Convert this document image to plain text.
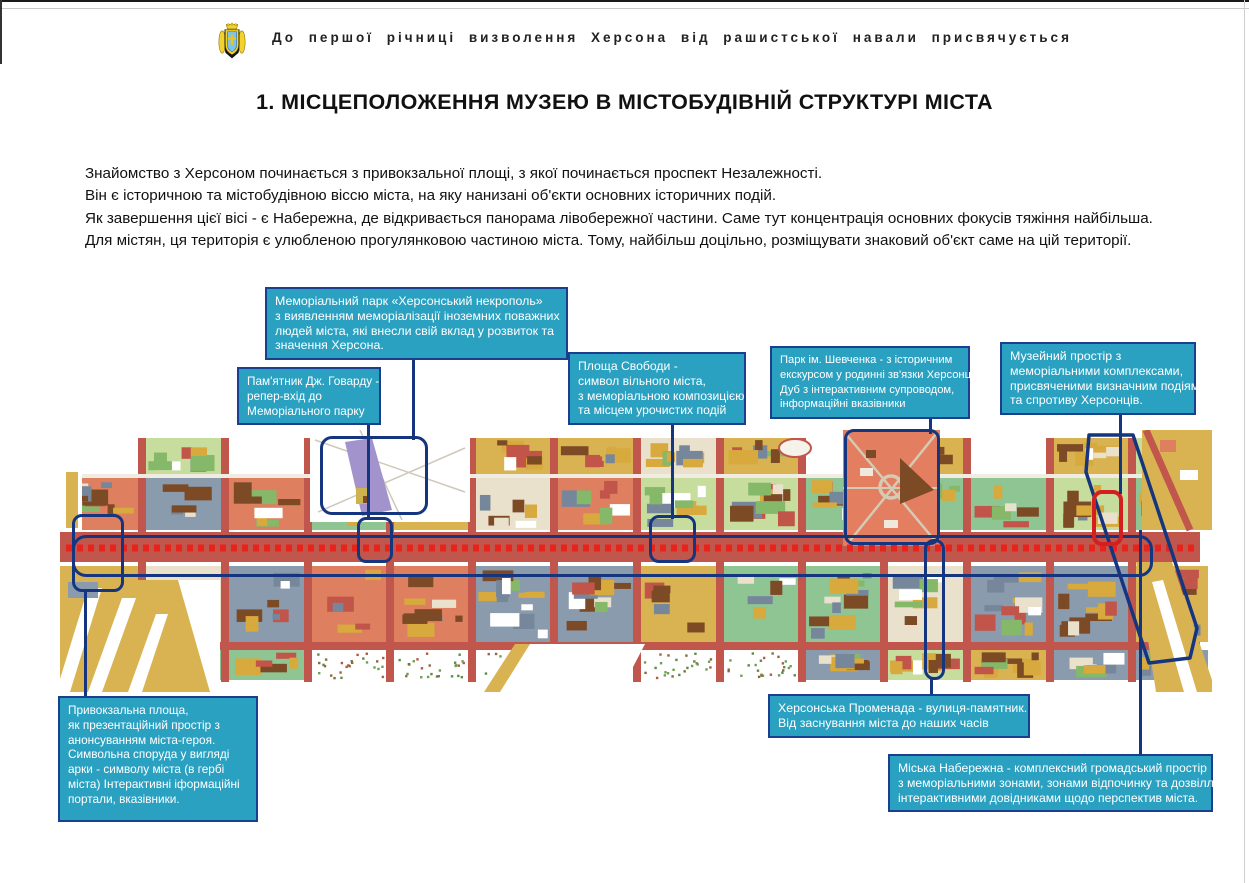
До першої річниці визволення Херсона від рашистської навали присвячується
1. МІСЦЕПОЛОЖЕННЯ МУЗЕЮ В МІСТОБУДІВНІЙ СТРУКТУРІ МІСТА
Знайомство з Херсоном починається з привокзальної площі, з якої починається проспект Незалежності.
Він є історичною та містобудівною віссю міста, на яку нанизані об'єкти основних історичних подій.
Як завершення цієї вісі - є Набережна, де відкривається панорама лівобережної частини. Саме тут концентрація основних фокусів тяжіння найбільша.
Для містян, ця територія є улюбленою прогулянковою частиною міста. Тому, найбільш доцільно, розміщувати знаковий об'єкт саме на цій території.
Меморіальний парк «Херсонський некрополь»
з виявленням меморіалізації іноземних поважних
людей міста, які внесли свій вклад у розвиток та
значення Херсона.
Пам'ятник Дж. Говарду -
репер-вхід до
Меморіального парку
Площа Свободи -
символ вільного міста,
з меморіальною композицією
та місцем урочистих подій
Парк ім. Шевченка - з історичним
екскурсом у родинні зв'язки Херсонців
Дуб з інтерактивним супроводом,
інформаційні вказівники
Музейний простір з
меморіальними комплексами,
присвяченими визначним подіям
та спротиву Херсонців.
Привокзальна площа,
як презентаційний простір з
анонсуванням міста-героя.
Символьна споруда у вигляді
арки - символу міста (в гербі
міста) Інтерактивні іформаційні
портали, вказівники.
Херсонська Променада - вулиця-памятник.
Від заснування міста до наших часів
Міська Набережна - комплексний громадський простір
з меморіальними зонами, зонами відпочинку та дозвілля,
інтерактивними довідниками щодо перспектив міста.
